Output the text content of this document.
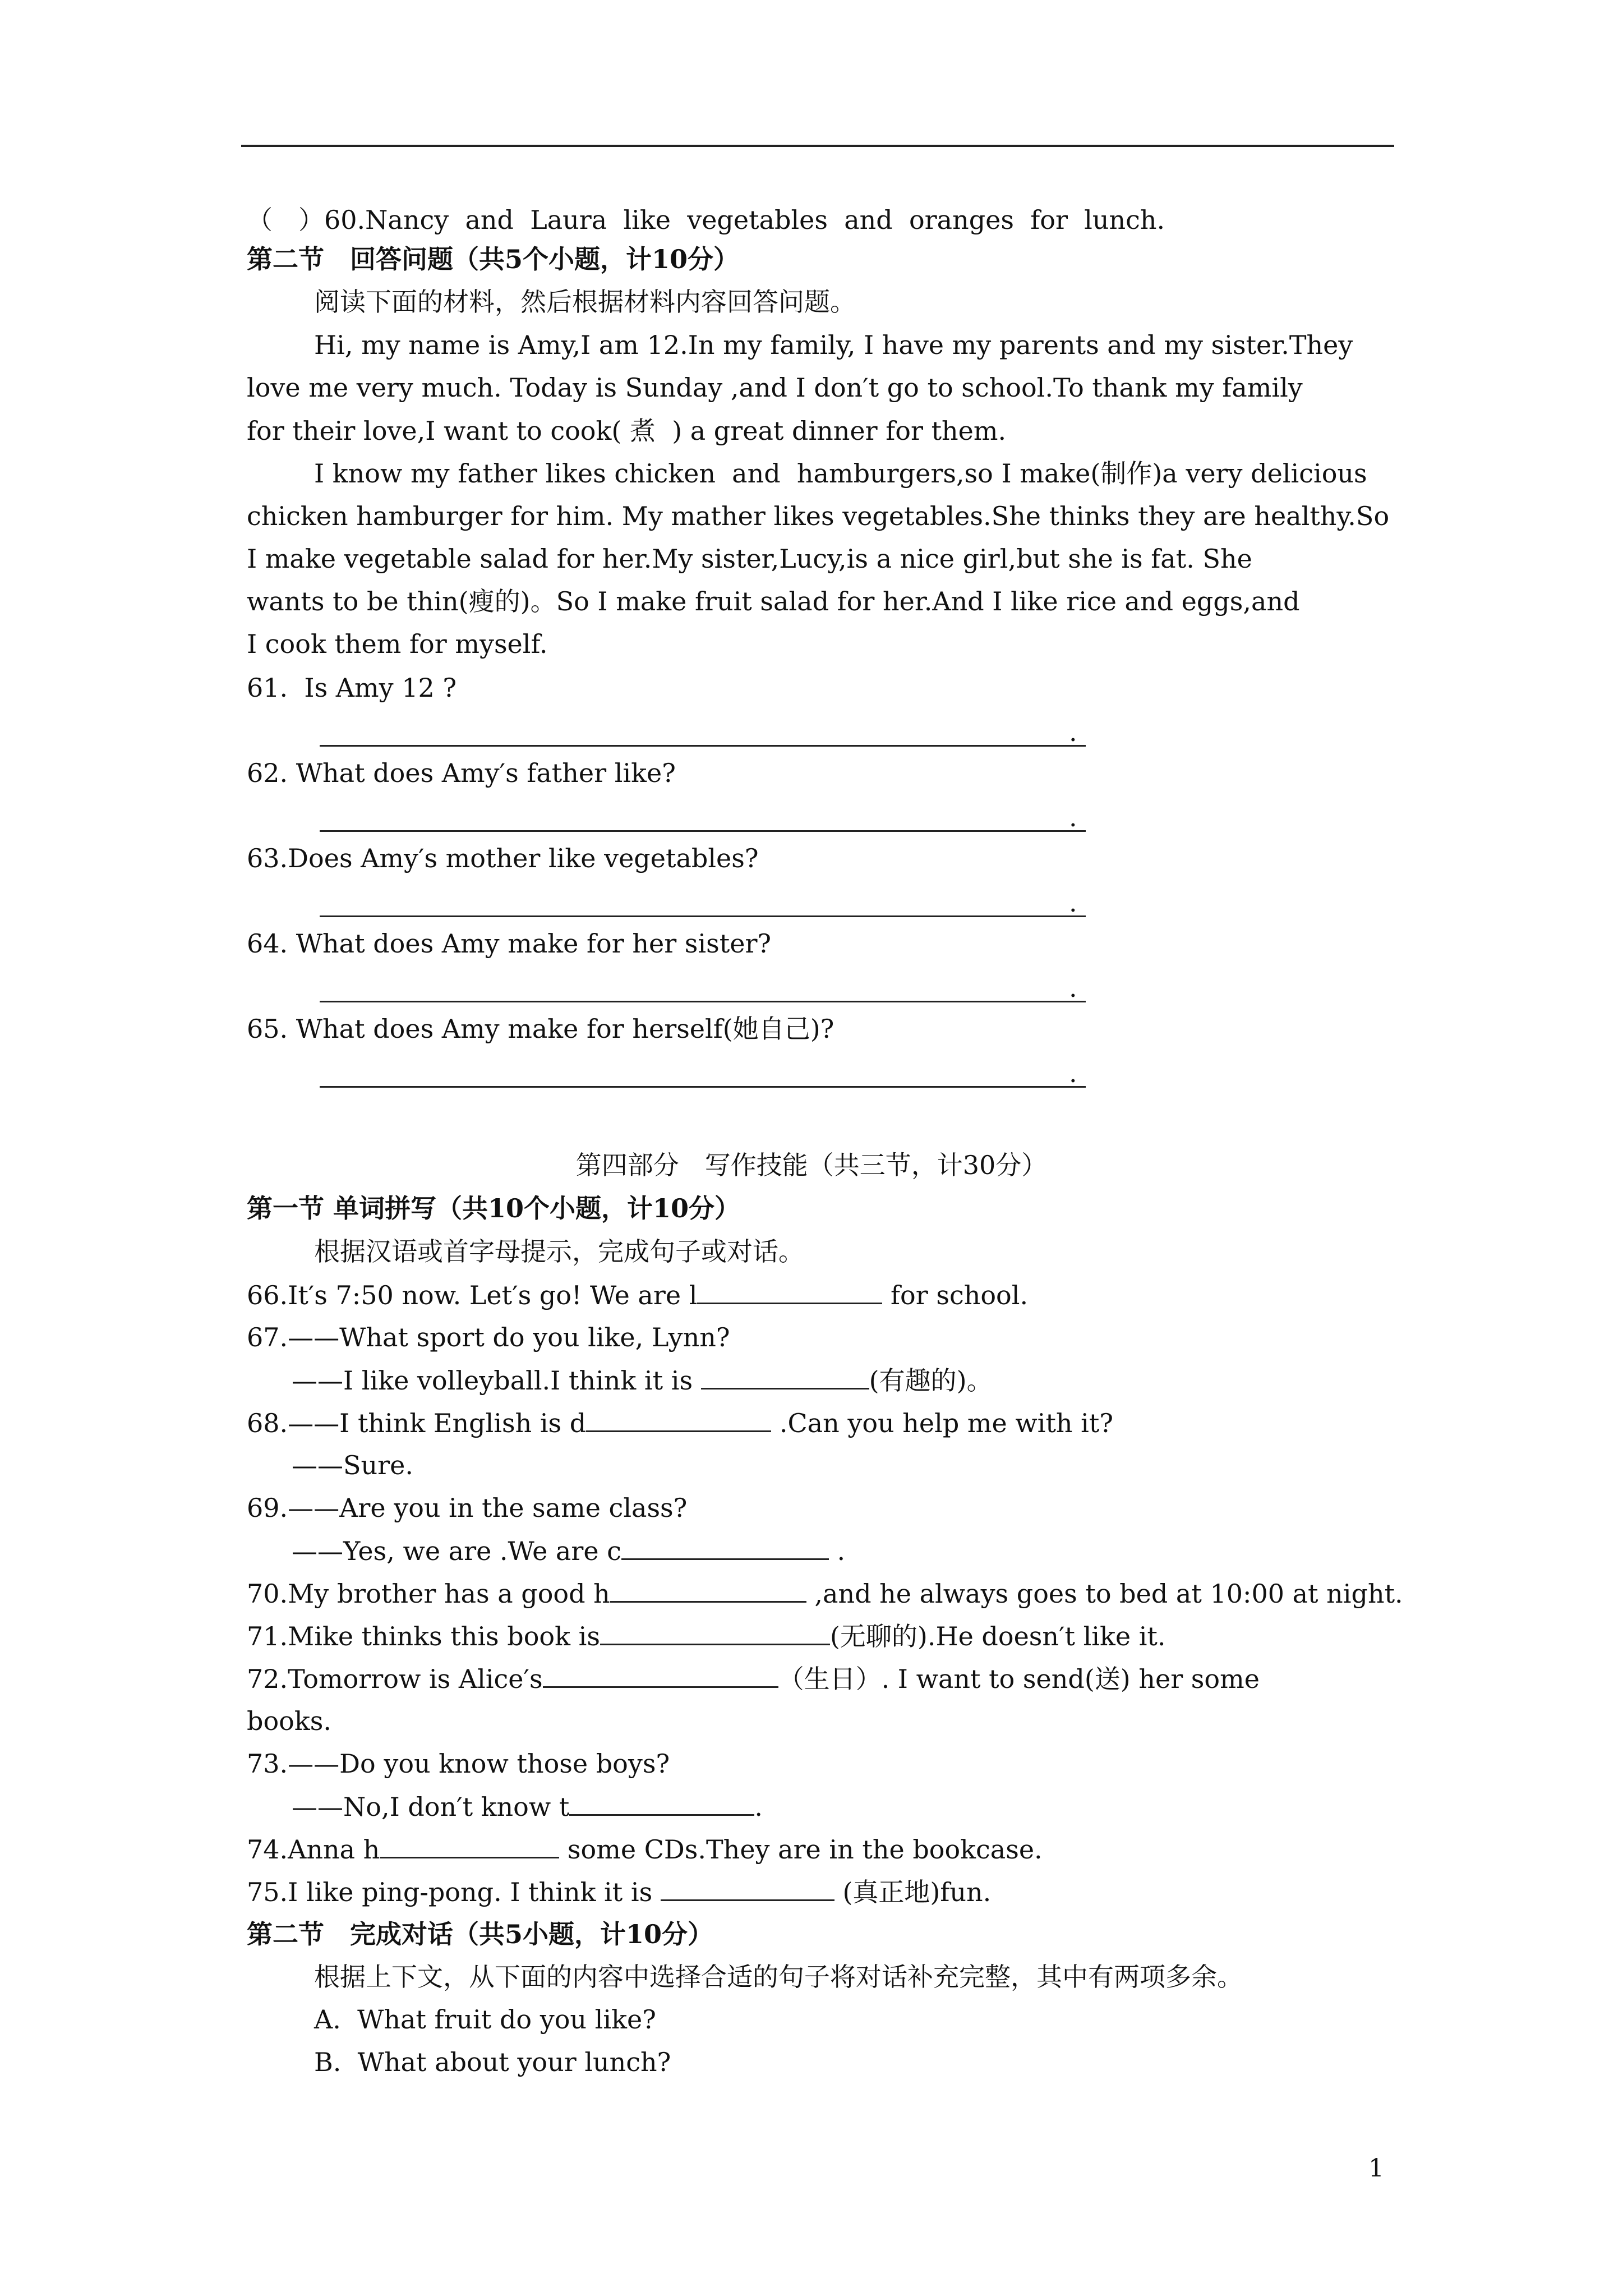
（　）60.Nancy  and  Laura  like  vegetables  and  oranges  for  lunch.
第二节　回答问题（共5个小题，计10分）
阅读下面的材料，然后根据材料内容回答问题。
Hi, my name is Amy,I am 12.In my family, I have my parents and my sister.They
love me very much. Today is Sunday ,and I don′t go to school.To thank my family
for their love,I want to cook( 煮  ) a great dinner for them.
I know my father likes chicken  and  hamburgers,so I make(制作)a very delicious
chicken hamburger for him. My mather likes vegetables.She thinks they are healthy.So
I make vegetable salad for her.My sister,Lucy,is a nice girl,but she is fat. She
wants to be thin(瘦的)。So I make fruit salad for her.And I like rice and eggs,and
I cook them for myself.
61.  Is Amy 12 ?
.
62. What does Amy′s father like?
.
63.Does Amy′s mother like vegetables?
.
64. What does Amy make for her sister?
.
65. What does Amy make for herself(她自己)?
.
第四部分　写作技能（共三节，计30分）
第一节 单词拼写（共10个小题，计10分）
根据汉语或首字母提示，完成句子或对话。
66.It′s 7:50 now. Let′s go! We are l	for school.
67.——What sport do you like, Lynn?
——I like volleyball.I think it is	(有趣的)。
68.——I think English is d	.Can you help me with it?
——Sure.
69.——Are you in the same class?
——Yes, we are .We are c	.
70.My brother has a good h	,and he always goes to bed at 10:00 at night.
71.Mike thinks this book is	(无聊的).He doesn′t like it.
72.Tomorrow is Alice′s	（生日）. I want to send(送) her some
books.
73.——Do you know those boys?
——No,I don′t know t	.
74.Anna h	some CDs.They are in the bookcase.
75.I like ping-pong. I think it is	(真正地)fun.
第二节　完成对话（共5小题，计10分）
根据上下文，从下面的内容中选择合适的句子将对话补充完整，其中有两项多余。
A.  What fruit do you like?
B.  What about your lunch?
1
